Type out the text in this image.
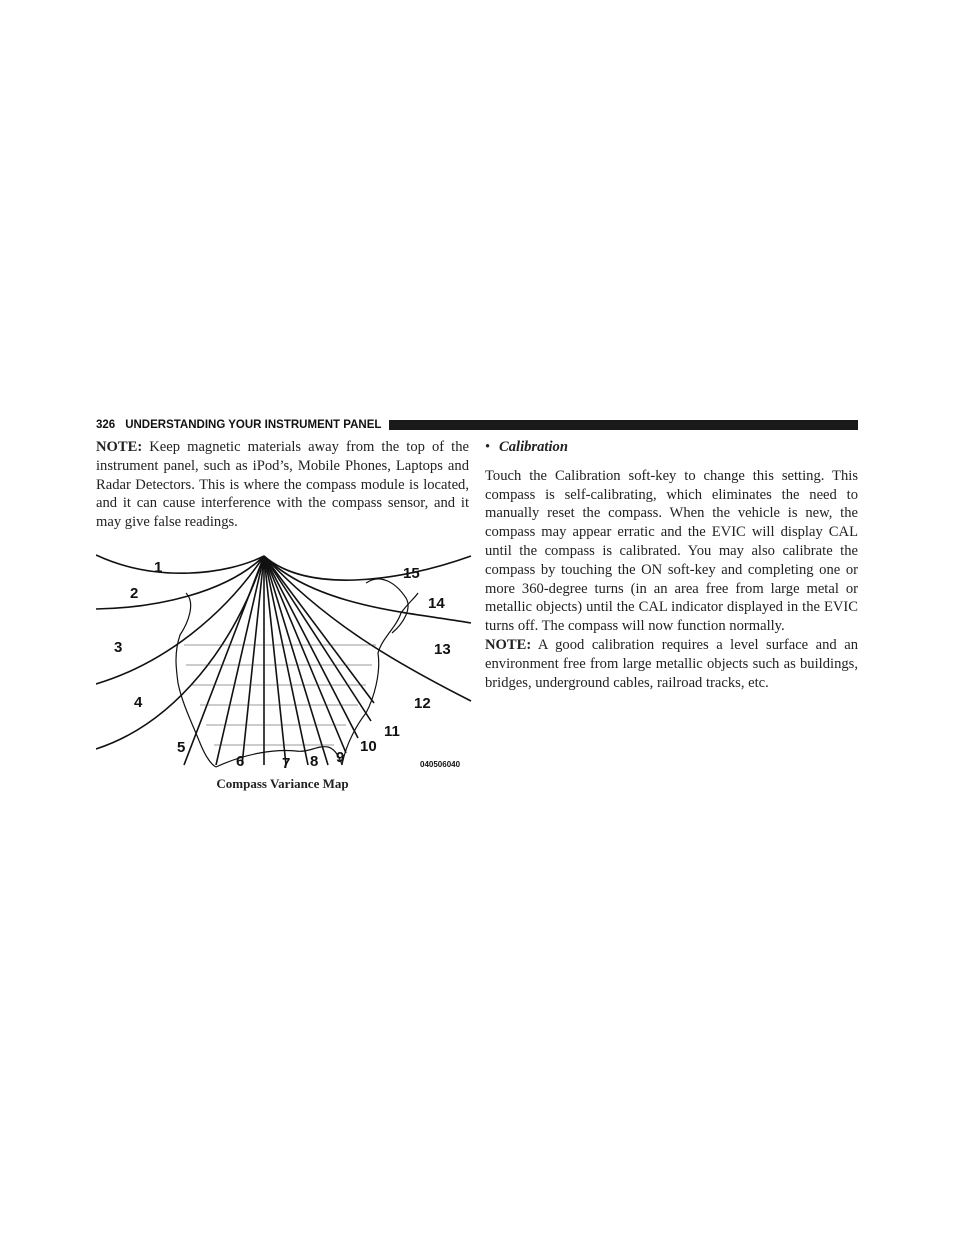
326 UNDERSTANDING YOUR INSTRUMENT PANEL

NOTE: Keep magnetic materials away from the top of the instrument panel, such as iPod’s, Mobile Phones, Laptops and Radar Detectors. This is where the compass module is located, and it can cause interference with the compass sensor, and it may give false readings.

1
2
3
4
5
6	7 8 9
10
11
12
13
14
15
040506040
Compass Variance Map
• Calibration

Touch the Calibration soft-key to change this setting. This compass is self-calibrating, which eliminates the need to manually reset the compass. When the vehicle is new, the compass may appear erratic and the EVIC will display CAL until the compass is calibrated. You may also calibrate the compass by touching the ON soft-key and completing one or more 360-degree turns (in an area free from large metal or metallic objects) until the CAL indicator displayed in the EVIC turns off. The compass will now function normally.

NOTE: A good calibration requires a level surface and an environment free from large metallic objects such as buildings, bridges, underground cables, railroad tracks, etc.
